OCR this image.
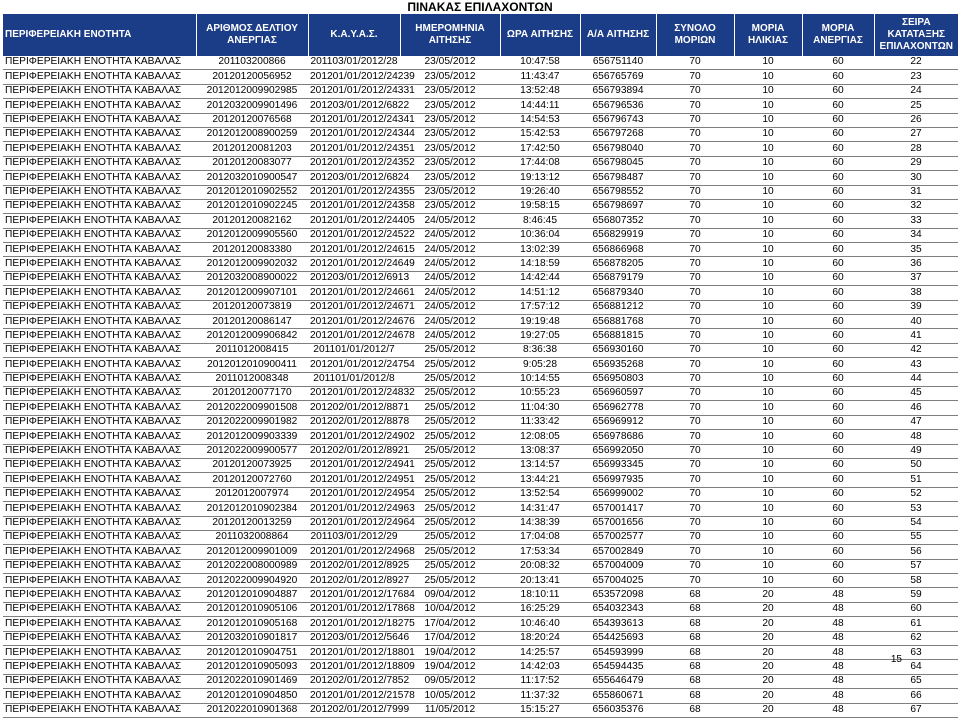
ΠΙΝΑΚΑΣ ΕΠΙΛΑΧΟΝΤΩΝ
ΠΕΡΙΦΕΡΕΙΑΚΗ ΕΝΟΤΗΤΑ	ΑΡΙΘΜΟΣ ΔΕΛΤΙΟΥ ΑΝΕΡΓΙΑΣ	Κ.Α.Υ.Α.Σ.	ΗΜΕΡΟΜΗΝΙΑ ΑΙΤΗΣΗΣ	ΩΡΑ ΑΙΤΗΣΗΣ	Α/Α ΑΙΤΗΣΗΣ	ΣΥΝΟΛΟ ΜΟΡΙΩΝ	ΜΟΡΙΑ ΗΛΙΚΙΑΣ	ΜΟΡΙΑ ΑΝΕΡΓΙΑΣ	ΣΕΙΡΑ ΚΑΤΑΤΑΞΗΣ ΕΠΙΛΑΧΟΝΤΩΝ
ΠΕΡΙΦΕΡΕΙΑΚΗ ΕΝΟΤΗΤΑ ΚΑΒΑΛΑΣ	201103200866	201103/01/2012/28	23/05/2012	10:47:58	656751140	70	10	60	22
ΠΕΡΙΦΕΡΕΙΑΚΗ ΕΝΟΤΗΤΑ ΚΑΒΑΛΑΣ	20120120056952	201201/01/2012/24239	23/05/2012	11:43:47	656765769	70	10	60	23
ΠΕΡΙΦΕΡΕΙΑΚΗ ΕΝΟΤΗΤΑ ΚΑΒΑΛΑΣ	2012012009902985	201201/01/2012/24331	23/05/2012	13:52:48	656793894	70	10	60	24
ΠΕΡΙΦΕΡΕΙΑΚΗ ΕΝΟΤΗΤΑ ΚΑΒΑΛΑΣ	2012032009901496	201203/01/2012/6822	23/05/2012	14:44:11	656796536	70	10	60	25
ΠΕΡΙΦΕΡΕΙΑΚΗ ΕΝΟΤΗΤΑ ΚΑΒΑΛΑΣ	20120120076568	201201/01/2012/24341	23/05/2012	14:54:53	656796743	70	10	60	26
ΠΕΡΙΦΕΡΕΙΑΚΗ ΕΝΟΤΗΤΑ ΚΑΒΑΛΑΣ	2012012008900259	201201/01/2012/24344	23/05/2012	15:42:53	656797268	70	10	60	27
ΠΕΡΙΦΕΡΕΙΑΚΗ ΕΝΟΤΗΤΑ ΚΑΒΑΛΑΣ	20120120081203	201201/01/2012/24351	23/05/2012	17:42:50	656798040	70	10	60	28
ΠΕΡΙΦΕΡΕΙΑΚΗ ΕΝΟΤΗΤΑ ΚΑΒΑΛΑΣ	20120120083077	201201/01/2012/24352	23/05/2012	17:44:08	656798045	70	10	60	29
ΠΕΡΙΦΕΡΕΙΑΚΗ ΕΝΟΤΗΤΑ ΚΑΒΑΛΑΣ	2012032010900547	201203/01/2012/6824	23/05/2012	19:13:12	656798487	70	10	60	30
ΠΕΡΙΦΕΡΕΙΑΚΗ ΕΝΟΤΗΤΑ ΚΑΒΑΛΑΣ	2012012010902552	201201/01/2012/24355	23/05/2012	19:26:40	656798552	70	10	60	31
ΠΕΡΙΦΕΡΕΙΑΚΗ ΕΝΟΤΗΤΑ ΚΑΒΑΛΑΣ	2012012010902245	201201/01/2012/24358	23/05/2012	19:58:15	656798697	70	10	60	32
ΠΕΡΙΦΕΡΕΙΑΚΗ ΕΝΟΤΗΤΑ ΚΑΒΑΛΑΣ	20120120082162	201201/01/2012/24405	24/05/2012	8:46:45	656807352	70	10	60	33
ΠΕΡΙΦΕΡΕΙΑΚΗ ΕΝΟΤΗΤΑ ΚΑΒΑΛΑΣ	2012012009905560	201201/01/2012/24522	24/05/2012	10:36:04	656829919	70	10	60	34
ΠΕΡΙΦΕΡΕΙΑΚΗ ΕΝΟΤΗΤΑ ΚΑΒΑΛΑΣ	20120120083380	201201/01/2012/24615	24/05/2012	13:02:39	656866968	70	10	60	35
ΠΕΡΙΦΕΡΕΙΑΚΗ ΕΝΟΤΗΤΑ ΚΑΒΑΛΑΣ	2012012009902032	201201/01/2012/24649	24/05/2012	14:18:59	656878205	70	10	60	36
ΠΕΡΙΦΕΡΕΙΑΚΗ ΕΝΟΤΗΤΑ ΚΑΒΑΛΑΣ	2012032008900022	201203/01/2012/6913	24/05/2012	14:42:44	656879179	70	10	60	37
ΠΕΡΙΦΕΡΕΙΑΚΗ ΕΝΟΤΗΤΑ ΚΑΒΑΛΑΣ	2012012009907101	201201/01/2012/24661	24/05/2012	14:51:12	656879340	70	10	60	38
ΠΕΡΙΦΕΡΕΙΑΚΗ ΕΝΟΤΗΤΑ ΚΑΒΑΛΑΣ	20120120073819	201201/01/2012/24671	24/05/2012	17:57:12	656881212	70	10	60	39
ΠΕΡΙΦΕΡΕΙΑΚΗ ΕΝΟΤΗΤΑ ΚΑΒΑΛΑΣ	20120120086147	201201/01/2012/24676	24/05/2012	19:19:48	656881768	70	10	60	40
ΠΕΡΙΦΕΡΕΙΑΚΗ ΕΝΟΤΗΤΑ ΚΑΒΑΛΑΣ	2012012009906842	201201/01/2012/24678	24/05/2012	19:27:05	656881815	70	10	60	41
ΠΕΡΙΦΕΡΕΙΑΚΗ ΕΝΟΤΗΤΑ ΚΑΒΑΛΑΣ	2011012008415	201101/01/2012/7	25/05/2012	8:36:38	656930160	70	10	60	42
ΠΕΡΙΦΕΡΕΙΑΚΗ ΕΝΟΤΗΤΑ ΚΑΒΑΛΑΣ	2012012010900411	201201/01/2012/24754	25/05/2012	9:05:28	656935268	70	10	60	43
ΠΕΡΙΦΕΡΕΙΑΚΗ ΕΝΟΤΗΤΑ ΚΑΒΑΛΑΣ	2011012008348	201101/01/2012/8	25/05/2012	10:14:55	656950803	70	10	60	44
ΠΕΡΙΦΕΡΕΙΑΚΗ ΕΝΟΤΗΤΑ ΚΑΒΑΛΑΣ	20120120077170	201201/01/2012/24832	25/05/2012	10:55:23	656960597	70	10	60	45
ΠΕΡΙΦΕΡΕΙΑΚΗ ΕΝΟΤΗΤΑ ΚΑΒΑΛΑΣ	2012022009901508	201202/01/2012/8871	25/05/2012	11:04:30	656962778	70	10	60	46
ΠΕΡΙΦΕΡΕΙΑΚΗ ΕΝΟΤΗΤΑ ΚΑΒΑΛΑΣ	2012022009901982	201202/01/2012/8878	25/05/2012	11:33:42	656969912	70	10	60	47
ΠΕΡΙΦΕΡΕΙΑΚΗ ΕΝΟΤΗΤΑ ΚΑΒΑΛΑΣ	2012012009903339	201201/01/2012/24902	25/05/2012	12:08:05	656978686	70	10	60	48
ΠΕΡΙΦΕΡΕΙΑΚΗ ΕΝΟΤΗΤΑ ΚΑΒΑΛΑΣ	2012022009900577	201202/01/2012/8921	25/05/2012	13:08:37	656992050	70	10	60	49
ΠΕΡΙΦΕΡΕΙΑΚΗ ΕΝΟΤΗΤΑ ΚΑΒΑΛΑΣ	20120120073925	201201/01/2012/24941	25/05/2012	13:14:57	656993345	70	10	60	50
ΠΕΡΙΦΕΡΕΙΑΚΗ ΕΝΟΤΗΤΑ ΚΑΒΑΛΑΣ	20120120072760	201201/01/2012/24951	25/05/2012	13:44:21	656997935	70	10	60	51
ΠΕΡΙΦΕΡΕΙΑΚΗ ΕΝΟΤΗΤΑ ΚΑΒΑΛΑΣ	2012012007974	201201/01/2012/24954	25/05/2012	13:52:54	656999002	70	10	60	52
ΠΕΡΙΦΕΡΕΙΑΚΗ ΕΝΟΤΗΤΑ ΚΑΒΑΛΑΣ	2012012010902384	201201/01/2012/24963	25/05/2012	14:31:47	657001417	70	10	60	53
ΠΕΡΙΦΕΡΕΙΑΚΗ ΕΝΟΤΗΤΑ ΚΑΒΑΛΑΣ	20120120013259	201201/01/2012/24964	25/05/2012	14:38:39	657001656	70	10	60	54
ΠΕΡΙΦΕΡΕΙΑΚΗ ΕΝΟΤΗΤΑ ΚΑΒΑΛΑΣ	2011032008864	201103/01/2012/29	25/05/2012	17:04:08	657002577	70	10	60	55
ΠΕΡΙΦΕΡΕΙΑΚΗ ΕΝΟΤΗΤΑ ΚΑΒΑΛΑΣ	2012012009901009	201201/01/2012/24968	25/05/2012	17:53:34	657002849	70	10	60	56
ΠΕΡΙΦΕΡΕΙΑΚΗ ΕΝΟΤΗΤΑ ΚΑΒΑΛΑΣ	2012022008000989	201202/01/2012/8925	25/05/2012	20:08:32	657004009	70	10	60	57
ΠΕΡΙΦΕΡΕΙΑΚΗ ΕΝΟΤΗΤΑ ΚΑΒΑΛΑΣ	2012022009904920	201202/01/2012/8927	25/05/2012	20:13:41	657004025	70	10	60	58
ΠΕΡΙΦΕΡΕΙΑΚΗ ΕΝΟΤΗΤΑ ΚΑΒΑΛΑΣ	2012012010904887	201201/01/2012/17684	09/04/2012	18:10:11	653572098	68	20	48	59
ΠΕΡΙΦΕΡΕΙΑΚΗ ΕΝΟΤΗΤΑ ΚΑΒΑΛΑΣ	2012012010905106	201201/01/2012/17868	10/04/2012	16:25:29	654032343	68	20	48	60
ΠΕΡΙΦΕΡΕΙΑΚΗ ΕΝΟΤΗΤΑ ΚΑΒΑΛΑΣ	2012012010905168	201201/01/2012/18275	17/04/2012	10:46:40	654393613	68	20	48	61
ΠΕΡΙΦΕΡΕΙΑΚΗ ΕΝΟΤΗΤΑ ΚΑΒΑΛΑΣ	2012032010901817	201203/01/2012/5646	17/04/2012	18:20:24	654425693	68	20	48	62
ΠΕΡΙΦΕΡΕΙΑΚΗ ΕΝΟΤΗΤΑ ΚΑΒΑΛΑΣ	2012012010904751	201201/01/2012/18801	19/04/2012	14:25:57	654593999	68	20	48	63
ΠΕΡΙΦΕΡΕΙΑΚΗ ΕΝΟΤΗΤΑ ΚΑΒΑΛΑΣ	2012012010905093	201201/01/2012/18809	19/04/2012	14:42:03	654594435	68	20	48	64
ΠΕΡΙΦΕΡΕΙΑΚΗ ΕΝΟΤΗΤΑ ΚΑΒΑΛΑΣ	2012022010901469	201202/01/2012/7852	09/05/2012	11:17:52	655646479	68	20	48	65
ΠΕΡΙΦΕΡΕΙΑΚΗ ΕΝΟΤΗΤΑ ΚΑΒΑΛΑΣ	2012012010904850	201201/01/2012/21578	10/05/2012	11:37:32	655860671	68	20	48	66
ΠΕΡΙΦΕΡΕΙΑΚΗ ΕΝΟΤΗΤΑ ΚΑΒΑΛΑΣ	2012022010901368	201202/01/2012/7999	11/05/2012	15:15:27	656035376	68	20	48	67
15
